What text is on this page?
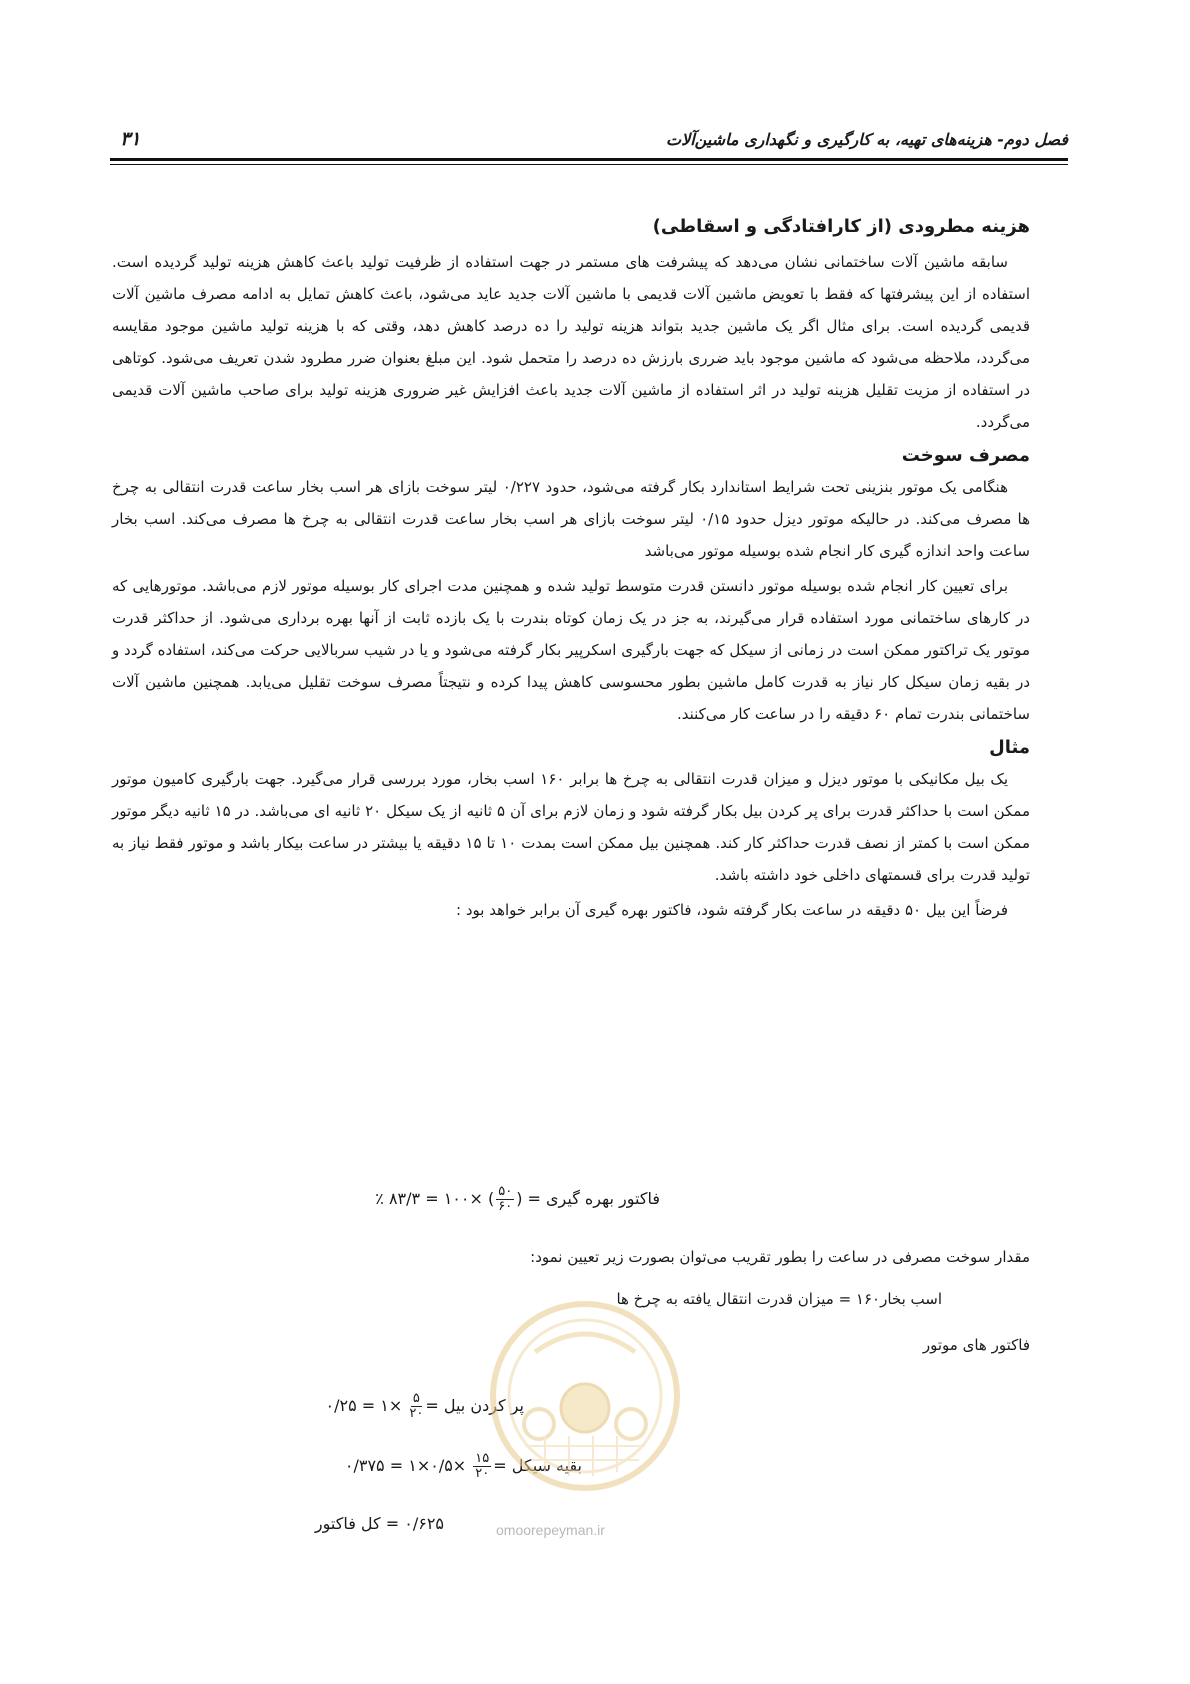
فصل دوم- هزینه‌های تهیه، به کارگیری و نگهداری ماشین‌آلات
۳۱
هزینه مطرودی (از کارافتادگی و اسقاطی)

سابقه ماشین آلات ساختمانی نشان می‌دهد که پیشرفت های مستمر در جهت استفاده از ظرفیت تولید باعث کاهش هزینه تولید گردیده است. استفاده از این پیشرفتها که فقط با تعویض ماشین آلات قدیمی با ماشین آلات جدید عاید می‌شود، باعث کاهش تمایل به ادامه مصرف ماشین آلات قدیمی گردیده است. برای مثال اگر یک ماشین جدید بتواند هزینه تولید را ده درصد کاهش دهد، وقتی که با هزینه تولید ماشین موجود مقایسه می‌گردد، ملاحظه می‌شود که ماشین موجود باید ضرری بارزش ده درصد را متحمل شود. این مبلغ بعنوان ضرر مطرود شدن تعریف می‌شود. کوتاهی در استفاده از مزیت تقلیل هزینه تولید در اثر استفاده از ماشین آلات جدید باعث افزایش غیر ضروری هزینه تولید برای صاحب ماشین آلات قدیمی می‌گردد.

مصرف سوخت

هنگامی یک موتور بنزینی تحت شرایط استاندارد بکار گرفته می‌شود، حدود ۰/۲۲۷ لیتر سوخت بازای هر اسب بخار ساعت قدرت انتقالی به چرخ ها مصرف می‌کند. در حالیکه موتور دیزل حدود ۰/۱۵ لیتر سوخت بازای هر اسب بخار ساعت قدرت انتقالی به چرخ ها مصرف می‌کند. اسب بخار ساعت واحد اندازه گیری کار انجام شده بوسیله موتور می‌باشد

برای تعیین کار انجام شده بوسیله موتور دانستن قدرت متوسط تولید شده و همچنین مدت اجرای کار بوسیله موتور لازم می‌باشد. موتورهایی که در کارهای ساختمانی مورد استفاده قرار می‌گیرند، به جز در یک زمان کوتاه بندرت با یک بازده ثابت از آنها بهره برداری می‌شود. از حداکثر قدرت موتور یک تراکتور ممکن است در زمانی از سیکل که جهت بارگیری اسکرپیر بکار گرفته می‌شود و یا در شیب سربالایی حرکت می‌کند، استفاده گردد و در بقیه زمان سیکل کار نیاز به قدرت کامل ماشین بطور محسوسی کاهش پیدا کرده و نتیجتاً مصرف سوخت تقلیل می‌یابد. همچنین ماشین آلات ساختمانی بندرت تمام ۶۰ دقیقه را در ساعت کار می‌کنند.

مثال

یک بیل مکانیکی با موتور دیزل و میزان قدرت انتقالی به چرخ ها برابر ۱۶۰ اسب بخار، مورد بررسی قرار می‌گیرد. جهت بارگیری کامیون موتور ممکن است با حداکثر قدرت برای پر کردن بیل بکار گرفته شود و زمان لازم برای آن ۵ ثانیه از یک سیکل ۲۰ ثانیه ای می‌باشد. در ۱۵ ثانیه دیگر موتور ممکن است با کمتر از نصف قدرت حداکثر کار کند. همچنین بیل ممکن است بمدت ۱۰ تا ۱۵ دقیقه یا بیشتر در ساعت بیکار باشد و موتور فقط نیاز به تولید قدرت برای قسمتهای داخلی خود داشته باشد.

فرضاً این بیل ۵۰ دقیقه در ساعت بکار گرفته شود، فاکتور بهره گیری آن برابر خواهد بود :

فاکتور بهره گیری = (
$\frac{۵۰}{۶۰}$
) ×۱۰۰ = ۸۳/۳ ٪
مقدار سوخت مصرفی در ساعت را بطور تقریب می‌توان بصورت زیر تعیین نمود:
اسب بخار۱۶۰ = میزان قدرت انتقال یافته به چرخ ها
فاکتور های موتور
پر کردن بیل =
$\frac{۵}{۲۰}$
×۱ = ۰/۲۵
بقیه سیکل =
$\frac{۱۵}{۲۰}$
×۰/۵×۱ = ۰/۳۷۵
۰/۶۲۵ = کل فاکتور	omoorepeyman.ir
